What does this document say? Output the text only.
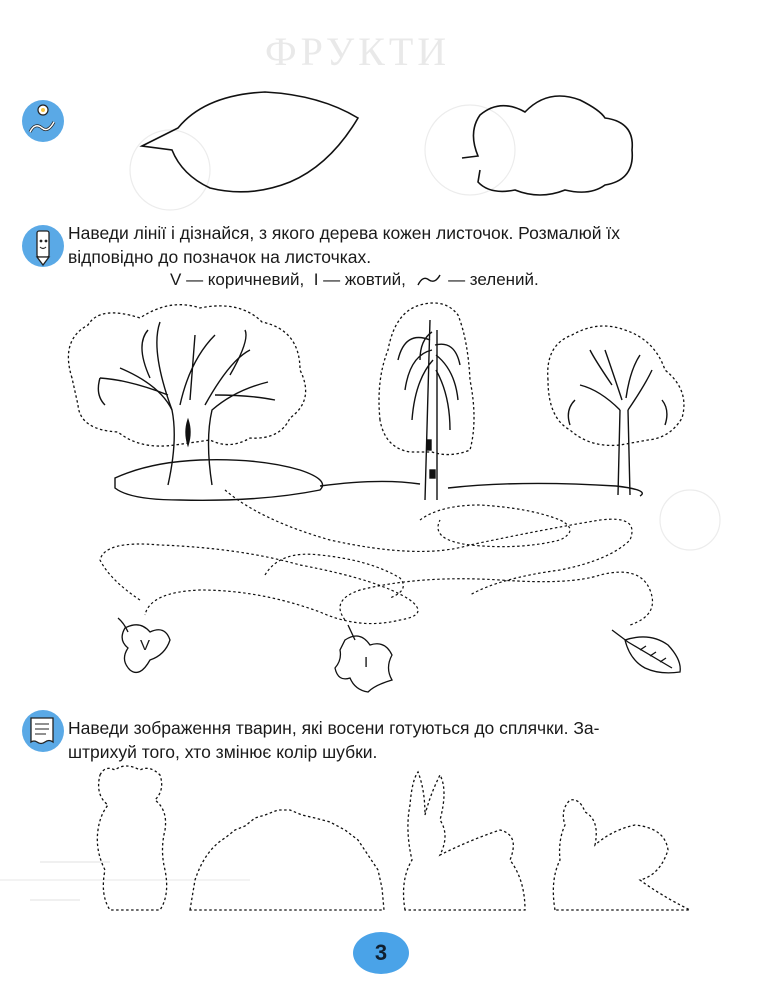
ФРУКТИ
Наведи лінії і дізнайся, з якого дерева кожен листочок. Розмалюй їх
відповідно до позначок на листочках.
V — коричневий, I — жовтий, — зелений.
V
I
Наведи зображення тварин, які восени готуються до сплячки. За-
штрихуй того, хто змінює колір шубки.
3
